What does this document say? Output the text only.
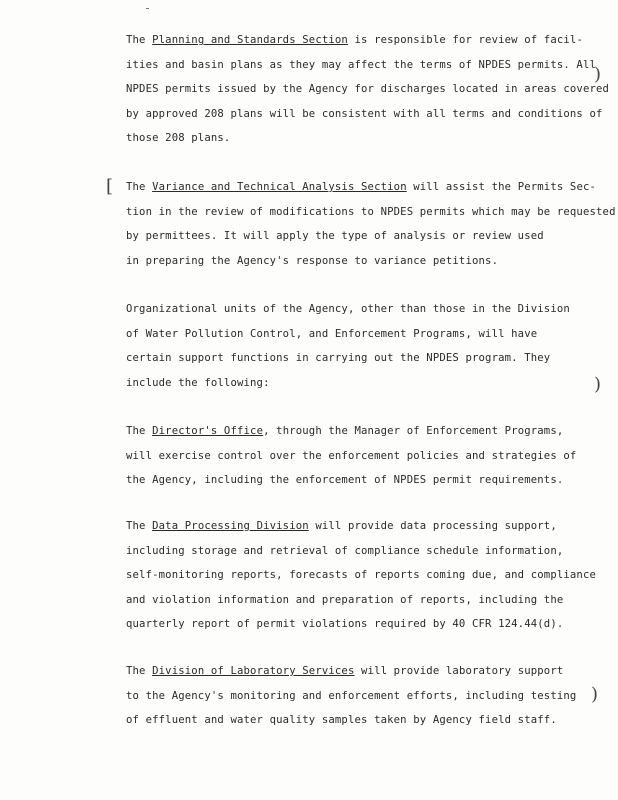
The Planning and Standards Section is responsible for review of facil-
ities and basin plans as they may affect the terms of NPDES permits. All
NPDES permits issued by the Agency for discharges located in areas covered
by approved 208 plans will be consistent with all terms and conditions of
those 208 plans.
The Variance and Technical Analysis Section will assist the Permits Sec-
tion in the review of modifications to NPDES permits which may be requested
by permittees. It will apply the type of analysis or review used
in preparing the Agency's response to variance petitions.
Organizational units of the Agency, other than those in the Division
of Water Pollution Control, and Enforcement Programs, will have
certain support functions in carrying out the NPDES program. They
include the following:
The Director's Office, through the Manager of Enforcement Programs,
will exercise control over the enforcement policies and strategies of
the Agency, including the enforcement of NPDES permit requirements.
The Data Processing Division will provide data processing support,
including storage and retrieval of compliance schedule information,
self-monitoring reports, forecasts of reports coming due, and compliance
and violation information and preparation of reports, including the
quarterly report of permit violations required by 40 CFR 124.44(d).
The Division of Laboratory Services will provide laboratory support
to the Agency's monitoring and enforcement efforts, including testing
of effluent and water quality samples taken by Agency field staff.
[
)
)
)
